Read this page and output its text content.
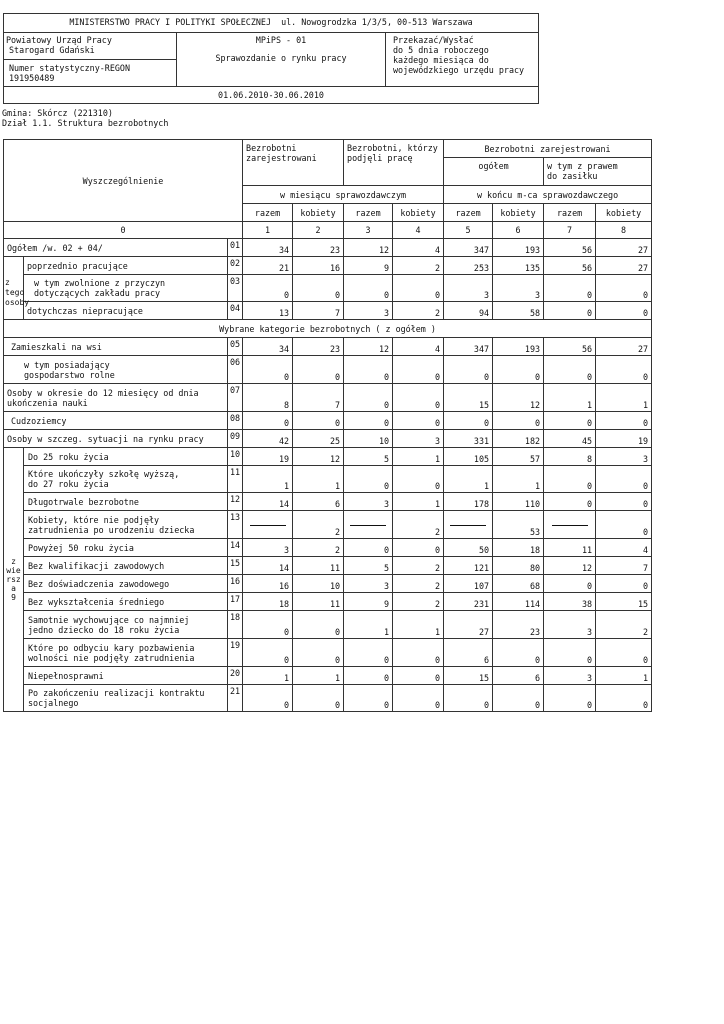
MINISTERSTWO PRACY I POLITYKI SPOŁECZNEJ  ul. Nowogrodzka 1/3/5, 00-513 Warszawa
Powiatowy Urząd Pracy
Starogard Gdański
Numer statystyczny-REGON
191950489
MPiPS - 01
Sprawozdanie o rynku pracy
Przekazać/Wysłać
do 5 dnia roboczego
każdego miesiąca do
wojewódzkiego urzędu pracy
01.06.2010-30.06.2010
Gmina: Skórcz (221310)
Dział 1.1. Struktura bezrobotnych
Wyszczególnienie			Bezrobotni
zarejestrowani		Bezrobotni, którzy
podjęli pracę		Bezrobotni zarejestrowani			
							ogółem		w tym z prawem
do zasiłku	
			w miesiącu sprawozdawczym				w końcu m-ca sprawozdawczego			
			razem	kobiety	razem	kobiety	razem	kobiety	razem	kobiety
0			1	2	3	4	5	6	7	8
Ogółem /w. 02 + 04/		01	34	23	12	4	347	193	56	27
z tego
osoby	poprzednio pracujące	02	21	16	9	2	253	135	56	27
	w tym zwolnione z przyczyn
dotyczących zakładu pracy	03	0	0	0	0	3	3	0	0
	dotychczas niepracujące	04	13	7	3	2	94	58	0	0
Wybrane kategorie bezrobotnych ( z ogółem )										
Zamieszkali na wsi		05	34	23	12	4	347	193	56	27
w tym posiadający
gospodarstwo rolne		06	0	0	0	0	0	0	0	0
Osoby w okresie do 12 miesięcy od dnia
ukończenia nauki		07	8	7	0	0	15	12	1	1
Cudzoziemcy		08	0	0	0	0	0	0	0	0
Osoby w szczeg. sytuacji na rynku pracy		09	42	25	10	3	331	182	45	19
z
wie
rsz
a
9	Do 25 roku życia	10	19	12	5	1	105	57	8	3
	Które ukończyły szkołę wyższą,
do 27 roku życia	11	1	1	0	0	1	1	0	0
	Długotrwale bezrobotne	12	14	6	3	1	178	110	0	0
	Kobiety, które nie podjęły
zatrudnienia po urodzeniu dziecka	13		2		2		53		0
	Powyżej 50 roku życia	14	3	2	0	0	50	18	11	4
	Bez kwalifikacji zawodowych	15	14	11	5	2	121	80	12	7
	Bez doświadczenia zawodowego	16	16	10	3	2	107	68	0	0
	Bez wykształcenia średniego	17	18	11	9	2	231	114	38	15
	Samotnie wychowujące co najmniej
jedno dziecko do 18 roku życia	18	0	0	1	1	27	23	3	2
	Które po odbyciu kary pozbawienia
wolności nie podjęły zatrudnienia	19	0	0	0	0	6	0	0	0
	Niepełnosprawni	20	1	1	0	0	15	6	3	1
	Po zakończeniu realizacji kontraktu
socjalnego	21	0	0	0	0	0	0	0	0
